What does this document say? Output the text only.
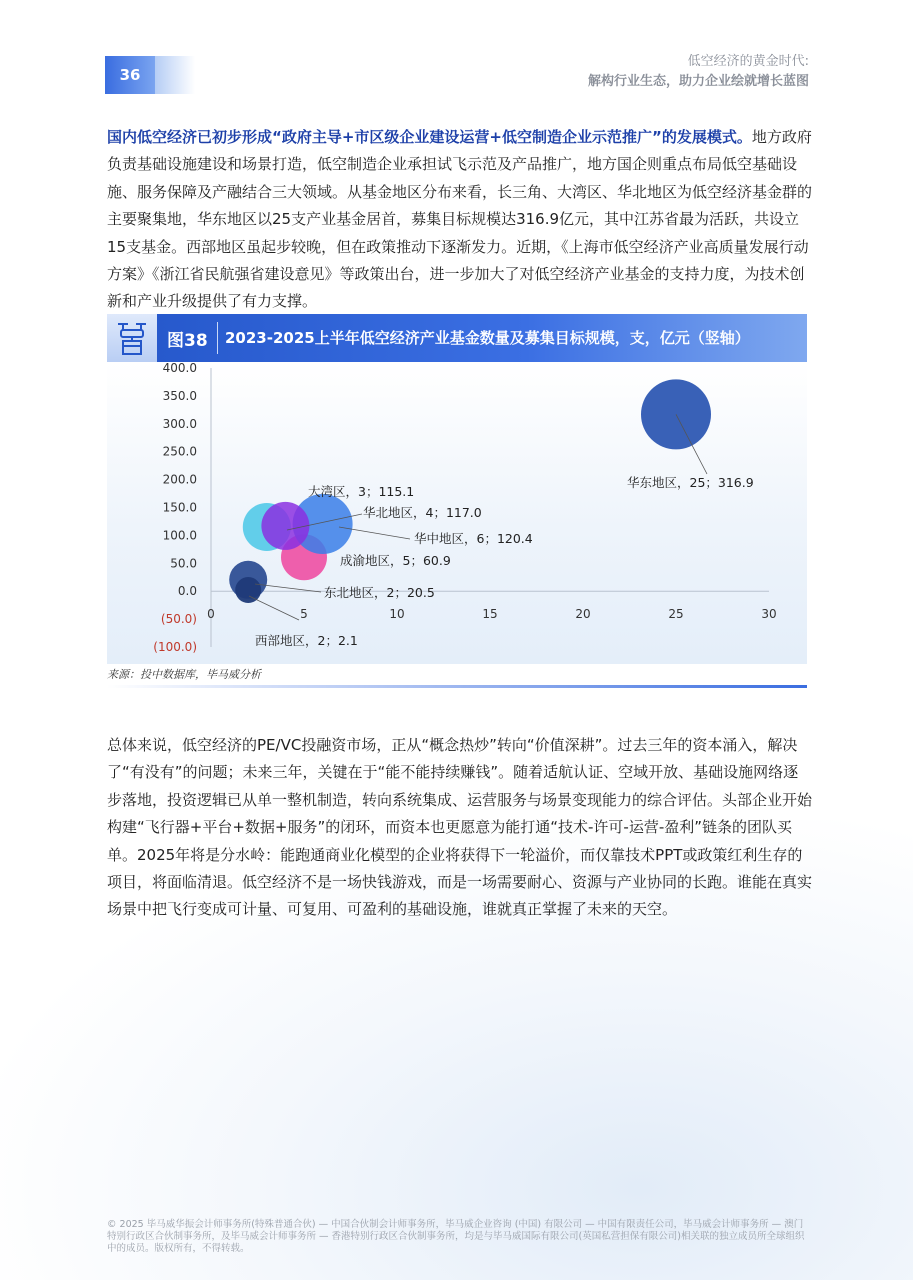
36
低空经济的黄金时代:
解构行业生态，助力企业绘就增长蓝图
国内低空经济已初步形成“政府主导+市区级企业建设运营+低空制造企业示范推广”的发展模式。地方政府负责基础设施建设和场景打造，低空制造企业承担试飞示范及产品推广，地方国企则重点布局低空基础设施、服务保障及产融结合三大领域。从基金地区分布来看，长三角、大湾区、华北地区为低空经济基金群的主要聚集地，华东地区以25支产业基金居首，募集目标规模达316.9亿元，其中江苏省最为活跃，共设立15支基金。西部地区虽起步较晚，但在政策推动下逐渐发力。近期，《上海市低空经济产业高质量发展行动方案》《浙江省民航强省建设意见》等政策出台，进一步加大了对低空经济产业基金的支持力度，为技术创新和产业升级提供了有力支撑。
图38 2023-2025上半年低空经济产业基金数量及募集目标规模，支，亿元（竖轴）
400.0
350.0
300.0
250.0
200.0
150.0
100.0
50.0
0.0
(50.0)
(100.0)
0	5	10	15	20	25	30
华东地区，25；316.9
大湾区，3；115.1
华北地区，4；117.0
华中地区，6；120.4
成渝地区，5；60.9
东北地区，2；20.5
西部地区，2；2.1
来源：投中数据库，毕马威分析
总体来说，低空经济的PE/VC投融资市场，正从“概念热炒”转向“价值深耕”。过去三年的资本涌入，解决了“有没有”的问题；未来三年，关键在于“能不能持续赚钱”。随着适航认证、空域开放、基础设施网络逐步落地，投资逻辑已从单一整机制造，转向系统集成、运营服务与场景变现能力的综合评估。头部企业开始构建“飞行器+平台+数据+服务”的闭环，而资本也更愿意为能打通“技术-许可-运营-盈利”链条的团队买单。2025年将是分水岭：能跑通商业化模型的企业将获得下一轮溢价，而仅靠技术PPT或政策红利生存的项目，将面临清退。低空经济不是一场快钱游戏，而是一场需要耐心、资源与产业协同的长跑。谁能在真实场景中把飞行变成可计量、可复用、可盈利的基础设施，谁就真正掌握了未来的天空。
© 2025 毕马威华振会计师事务所(特殊普通合伙) — 中国合伙制会计师事务所，毕马威企业咨询 (中国) 有限公司 — 中国有限责任公司，毕马威会计师事务所 — 澳门特别行政区合伙制事务所，及毕马威会计师事务所 — 香港特别行政区合伙制事务所，均是与毕马威国际有限公司(英国私营担保有限公司)相关联的独立成员所全球组织中的成员。版权所有，不得转载。
